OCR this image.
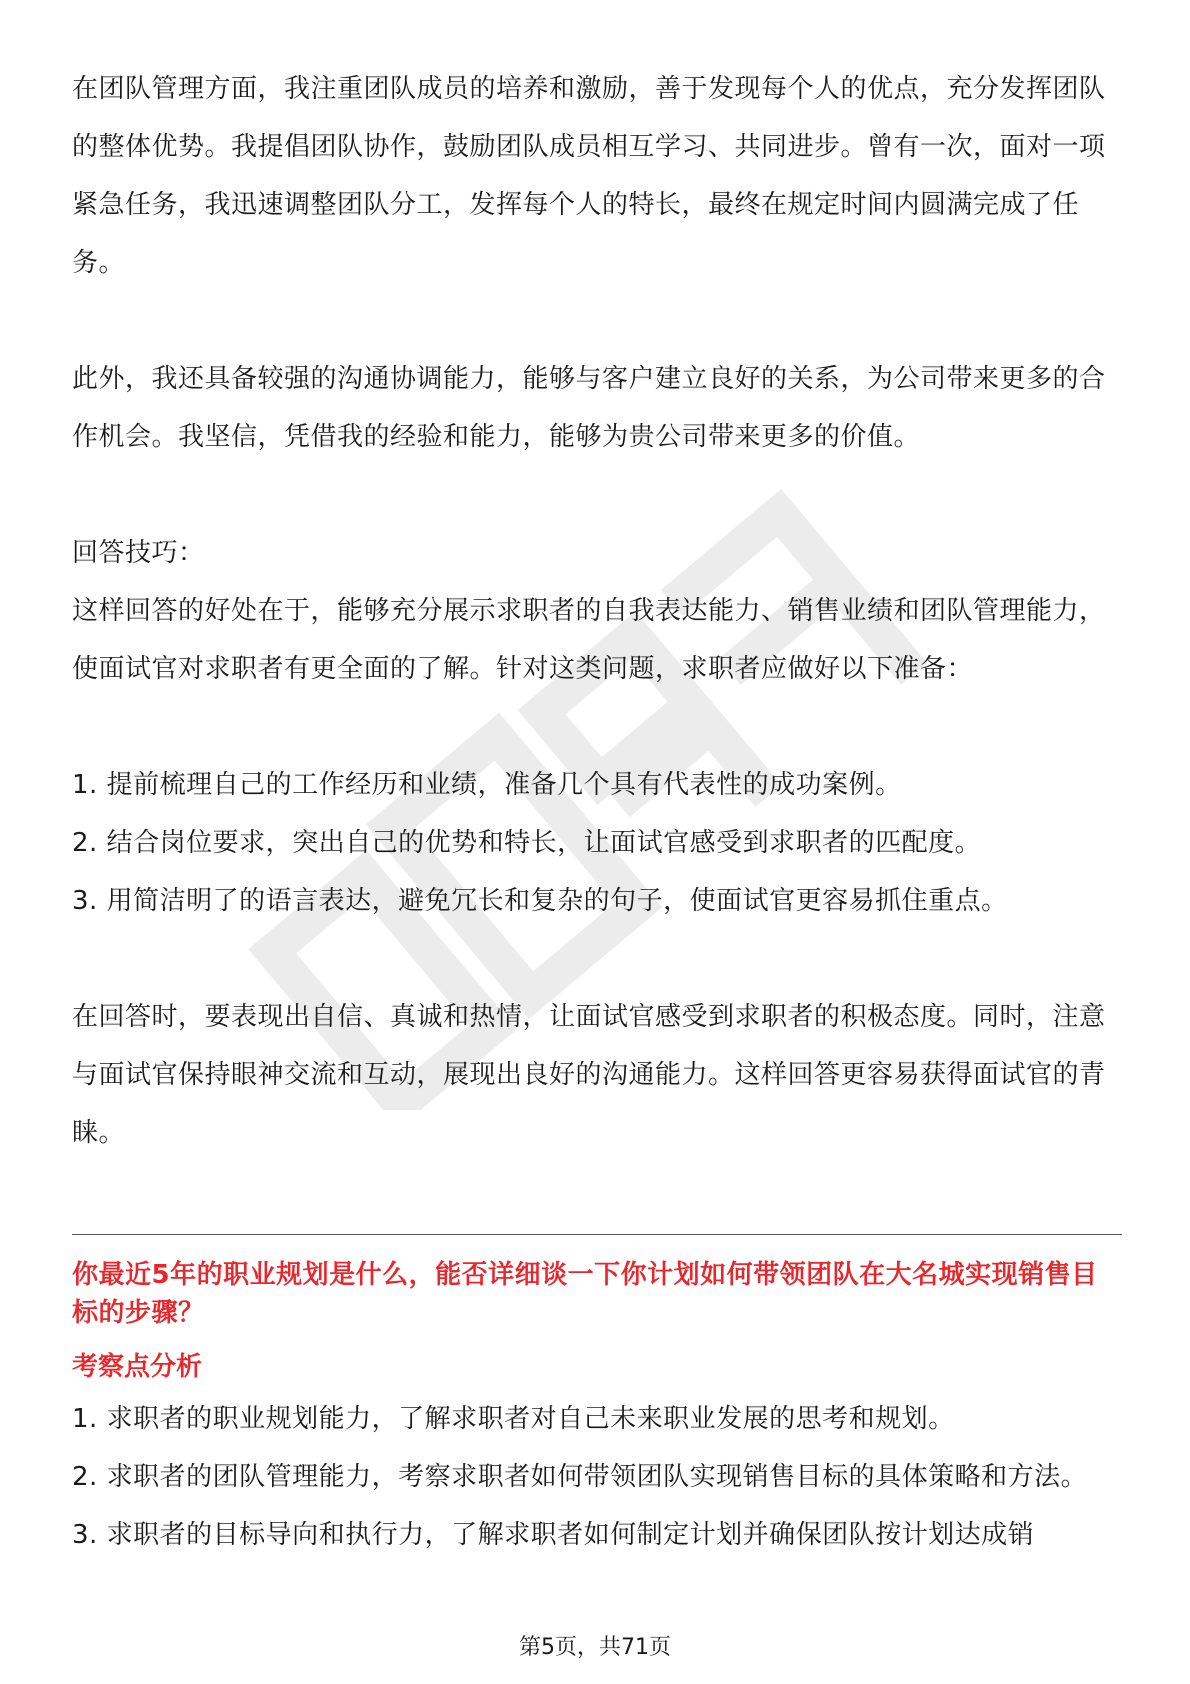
在团队管理方面，我注重团队成员的培养和激励，善于发现每个人的优点，充分发挥团队的整体优势。我提倡团队协作，鼓励团队成员相互学习、共同进步。曾有一次，面对一项紧急任务，我迅速调整团队分工，发挥每个人的特长，最终在规定时间内圆满完成了任务。

此外，我还具备较强的沟通协调能力，能够与客户建立良好的关系，为公司带来更多的合作机会。我坚信，凭借我的经验和能力，能够为贵公司带来更多的价值。

回答技巧：

这样回答的好处在于，能够充分展示求职者的自我表达能力、销售业绩和团队管理能力，使面试官对求职者有更全面的了解。针对这类问题，求职者应做好以下准备：

1. 提前梳理自己的工作经历和业绩，准备几个具有代表性的成功案例。

2. 结合岗位要求，突出自己的优势和特长，让面试官感受到求职者的匹配度。

3. 用简洁明了的语言表达，避免冗长和复杂的句子，使面试官更容易抓住重点。

在回答时，要表现出自信、真诚和热情，让面试官感受到求职者的积极态度。同时，注意与面试官保持眼神交流和互动，展现出良好的沟通能力。这样回答更容易获得面试官的青睐。

你最近5年的职业规划是什么，能否详细谈一下你计划如何带领团队在大名城实现销售目标的步骤？

考察点分析

1. 求职者的职业规划能力，了解求职者对自己未来职业发展的思考和规划。

2. 求职者的团队管理能力，考察求职者如何带领团队实现销售目标的具体策略和方法。

3. 求职者的目标导向和执行力，了解求职者如何制定计划并确保团队按计划达成销

第5页，共71页
